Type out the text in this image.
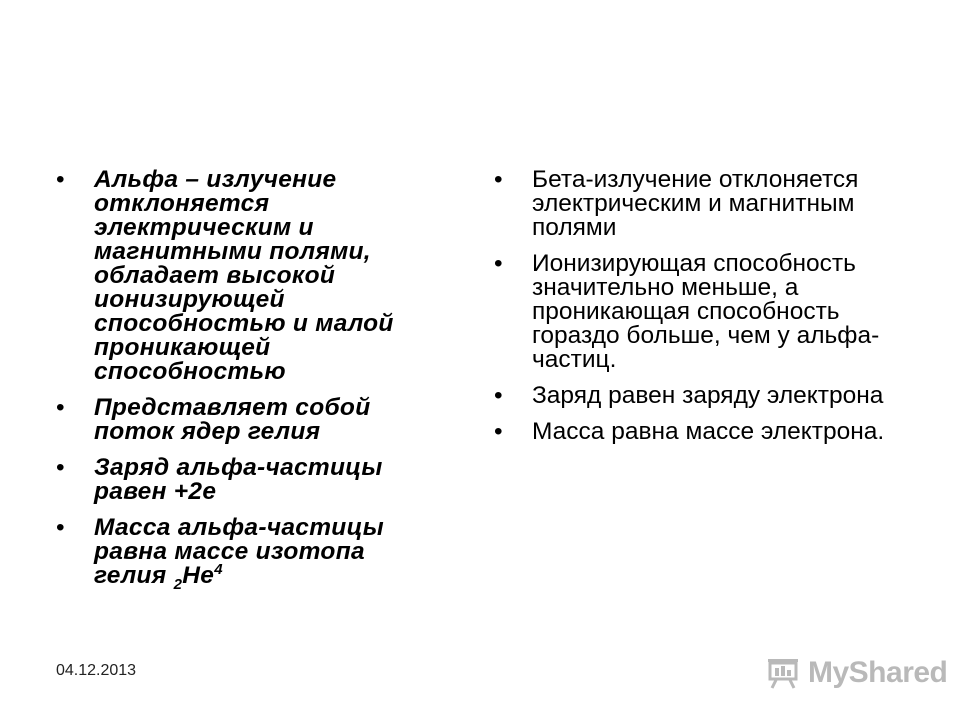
• Альфа – излучение отклоняется электрическим и магнитными полями, обладает высокой ионизирующей способностью и малой проникающей способностью
• Представляет собой поток ядер гелия
• Заряд альфа-частицы равен +2е
• Масса альфа-частицы равна массе изотопа гелия $_2He^4$
• Бета-излучение отклоняется электрическим и магнитным полями
• Ионизирующая способность значительно меньше, а проникающая способность гораздо больше, чем у альфа-частиц.
• Заряд равен заряду электрона
• Масса равна массе электрона.
04.12.2013	MyShared
